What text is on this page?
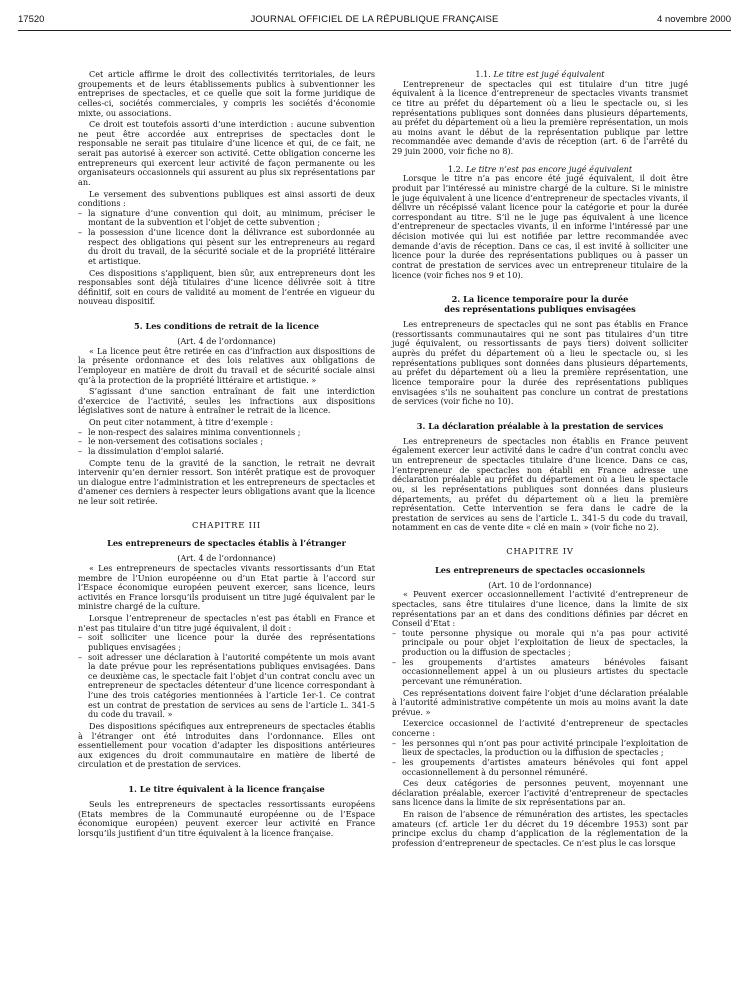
17520	JOURNAL OFFICIEL DE LA RÉPUBLIQUE FRANÇAISE	4 novembre 2000

Cet article affirme le droit des collectivités territoriales, de leurs groupements et de leurs établissements publics à subventionner les entreprises de spectacles, et ce quelle que soit la forme juridique de celles-ci, sociétés commerciales, y compris les sociétés d’économie mixte, ou associations.

Ce droit est toutefois assorti d’une interdiction : aucune subvention ne peut être accordée aux entreprises de spectacles dont le responsable ne serait pas titulaire d’une licence et qui, de ce fait, ne serait pas autorisé à exercer son activité. Cette obligation concerne les entrepreneurs qui exercent leur activité de façon permanente ou les organisateurs occasionnels qui assurent au plus six représentations par an.

Le versement des subventions publiques est ainsi assorti de deux conditions :

– la signature d’une convention qui doit, au minimum, préciser le montant de la subvention et l’objet de cette subvention ;

– la possession d’une licence dont la délivrance est subordonnée au respect des obligations qui pèsent sur les entrepreneurs au regard du droit du travail, de la sécurité sociale et de la propriété littéraire et artistique.

Ces dispositions s’appliquent, bien sûr, aux entrepreneurs dont les responsables sont déjà titulaires d’une licence délivrée soit à titre définitif, soit en cours de validité au moment de l’entrée en vigueur du nouveau dispositif.

5. Les conditions de retrait de la licence

(Art. 4 de l’ordonnance)

« La licence peut être retirée en cas d’infraction aux dispositions de la présente ordonnance et des lois relatives aux obligations de l’employeur en matière de droit du travail et de sécurité sociale ainsi qu’à la protection de la propriété littéraire et artistique. »

S’agissant d’une sanction entraînant de fait une interdiction d’exercice de l’activité, seules les infractions aux dispositions législatives sont de nature à entraîner le retrait de la licence.

On peut citer notamment, à titre d’exemple :

– le non-respect des salaires minima conventionnels ;

– le non-versement des cotisations sociales ;

– la dissimulation d’emploi salarié.

Compte tenu de la gravité de la sanction, le retrait ne devrait intervenir qu’en dernier ressort. Son intérêt pratique est de provoquer un dialogue entre l’administration et les entrepreneurs de spectacles et d’amener ces derniers à respecter leurs obligations avant que la licence ne leur soit retirée.

CHAPITRE III
Les entrepreneurs de spectacles établis à l’étranger

(Art. 4 de l’ordonnance)

« Les entrepreneurs de spectacles vivants ressortissants d’un Etat membre de l’Union européenne ou d’un Etat partie à l’accord sur l’Espace économique européen peuvent exercer, sans licence, leurs activités en France lorsqu’ils produisent un titre jugé équivalent par le ministre chargé de la culture.

Lorsque l’entrepreneur de spectacles n’est pas établi en France et n’est pas titulaire d’un titre jugé équivalent, il doit :

– soit solliciter une licence pour la durée des représentations publiques envisagées ;

– soit adresser une déclaration à l’autorité compétente un mois avant la date prévue pour les représentations publiques envisagées. Dans ce deuxième cas, le spectacle fait l’objet d’un contrat conclu avec un entrepreneur de spectacles détenteur d’une licence correspondant à l’une des trois catégories mentionnées à l’article 1er-1. Ce contrat est un contrat de prestation de services au sens de l’article L. 341-5 du code du travail. »

Des dispositions spécifiques aux entrepreneurs de spectacles établis à l’étranger ont été introduites dans l’ordonnance. Elles ont essentiellement pour vocation d’adapter les dispositions antérieures aux exigences du droit communautaire en matière de liberté de circulation et de prestation de services.

1. Le titre équivalent à la licence française

Seuls les entrepreneurs de spectacles ressortissants européens (Etats membres de la Communauté européenne ou de l’Espace économique européen) peuvent exercer leur activité en France lorsqu’ils justifient d’un titre équivalent à la licence française.

1.1. Le titre est jugé équivalent

L’entrepreneur de spectacles qui est titulaire d’un titre jugé équivalent à la licence d’entrepreneur de spectacles vivants transmet ce titre au préfet du département où a lieu le spectacle ou, si les représentations publiques sont données dans plusieurs départements, au préfet du département où a lieu la première représentation, un mois au moins avant le début de la représentation publique par lettre recommandée avec demande d’avis de réception (art. 6 de l’arrêté du 29 juin 2000, voir fiche no 8).

1.2. Le titre n’est pas encore jugé équivalent

Lorsque le titre n’a pas encore été jugé équivalent, il doit être produit par l’intéressé au ministre chargé de la culture. Si le ministre le juge équivalent à une licence d’entrepreneur de spectacles vivants, il délivre un récépissé valant licence pour la catégorie et pour la durée correspondant au titre. S’il ne le juge pas équivalent à une licence d’entrepreneur de spectacles vivants, il en informe l’intéressé par une décision motivée qui lui est notifiée par lettre recommandée avec demande d’avis de réception. Dans ce cas, il est invité à solliciter une licence pour la durée des représentations publiques ou à passer un contrat de prestation de services avec un entrepreneur titulaire de la licence (voir fiches nos 9 et 10).

2. La licence temporaire pour la durée
des représentations publiques envisagées

Les entrepreneurs de spectacles qui ne sont pas établis en France (ressortissants communautaires qui ne sont pas titulaires d’un titre jugé équivalent, ou ressortissants de pays tiers) doivent solliciter auprès du préfet du département où a lieu le spectacle ou, si les représentations publiques sont données dans plusieurs départements, au préfet du département où a lieu la première représentation, une licence temporaire pour la durée des représentations publiques envisagées s’ils ne souhaitent pas conclure un contrat de prestations de services (voir fiche no 10).

3. La déclaration préalable à la prestation de services

Les entrepreneurs de spectacles non établis en France peuvent également exercer leur activité dans le cadre d’un contrat conclu avec un entrepreneur de spectacles titulaire d’une licence. Dans ce cas, l’entrepreneur de spectacles non établi en France adresse une déclaration préalable au préfet du département où a lieu le spectacle ou, si les représentations publiques sont données dans plusieurs départements, au préfet du département où a lieu la première représentation. Cette intervention se fera dans le cadre de la prestation de services au sens de l’article L. 341-5 du code du travail, notamment en cas de vente dite « clé en main » (voir fiche no 2).

CHAPITRE IV
Les entrepreneurs de spectacles occasionnels

(Art. 10 de l’ordonnance)

« Peuvent exercer occasionnellement l’activité d’entrepreneur de spectacles, sans être titulaires d’une licence, dans la limite de six représentations par an et dans des conditions définies par décret en Conseil d’Etat :

– toute personne physique ou morale qui n’a pas pour activité principale ou pour objet l’exploitation de lieux de spectacles, la production ou la diffusion de spectacles ;

– les groupements d’artistes amateurs bénévoles faisant occasionnellement appel à un ou plusieurs artistes du spectacle percevant une rémunération.

Ces représentations doivent faire l’objet d’une déclaration préalable à l’autorité administrative compétente un mois au moins avant la date prévue. »

L’exercice occasionnel de l’activité d’entrepreneur de spectacles concerne :

– les personnes qui n’ont pas pour activité principale l’exploitation de lieux de spectacles, la production ou la diffusion de spectacles ;

– les groupements d’artistes amateurs bénévoles qui font appel occasionnellement à du personnel rémunéré.

Ces deux catégories de personnes peuvent, moyennant une déclaration préalable, exercer l’activité d’entrepreneur de spectacles sans licence dans la limite de six représentations par an.

En raison de l’absence de rémunération des artistes, les spectacles amateurs (cf. article 1er du décret du 19 décembre 1953) sont par principe exclus du champ d’application de la réglementation de la profession d’entrepreneur de spectacles. Ce n’est plus le cas lorsque
